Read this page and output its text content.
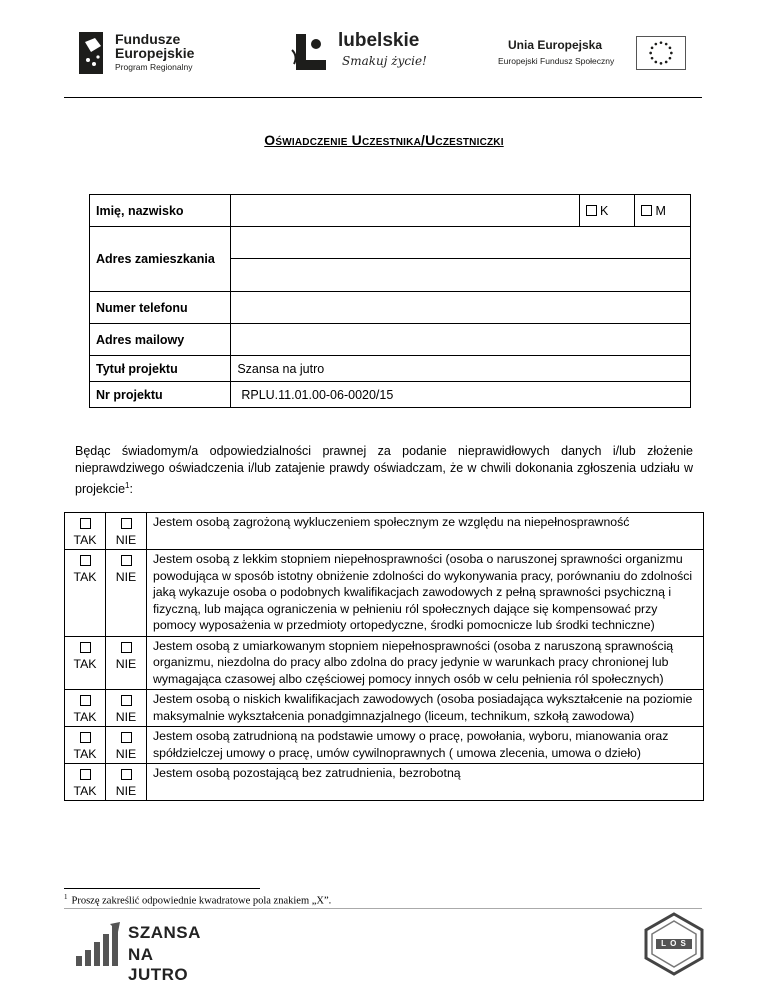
Fundusze
Europejskie
Program Regionalny
lubelskie
Smakuj życie!
Unia Europejska
Europejski Fundusz Społeczny
Oświadczenie Uczestnika/Uczestniczki
Imię, nazwisko		K	M
Adres zamieszkania			

Numer telefonu			
Adres mailowy			
Tytuł projektu	Szansa na jutro		
Nr projektu	RPLU.11.01.00-06-0020/15		
Będąc świadomym/a odpowiedzialności prawnej za podanie nieprawidłowych danych i/lub złożenie nieprawdziwego oświadczenia i/lub zatajenie prawdy oświadczam, że w chwili dokonania zgłoszenia udziału w projekcie$^1$:
TAK	NIE	Jestem osobą zagrożoną wykluczeniem społecznym ze względu na niepełnosprawność

TAK	NIE	Jestem osobą z lekkim stopniem niepełnosprawności (osoba o naruszonej sprawności organizmu powodująca w sposób istotny obniżenie zdolności do wykonywania pracy, porównaniu do zdolności jaką wykazuje osoba o podobnych kwalifikacjach zawodowych z pełną sprawności psychiczną i fizyczną, lub mająca ograniczenia w pełnieniu ról społecznych dające się kompensować przy pomocy wyposażenia w przedmioty ortopedyczne, środki pomocnicze lub środki techniczne)

TAK	NIE	Jestem osobą z umiarkowanym stopniem niepełnosprawności (osoba z naruszoną sprawnością organizmu, niezdolna do pracy albo zdolna do pracy jedynie w warunkach pracy chronionej lub wymagająca czasowej albo częściowej pomocy innych osób w celu pełnienia ról społecznych)

TAK	NIE	Jestem osobą o niskich kwalifikacjach zawodowych (osoba posiadająca wykształcenie na poziomie maksymalnie wykształcenia ponadgimnazjalnego (liceum, technikum, szkołą zawodowa)

TAK	NIE	Jestem osobą zatrudnioną na podstawie umowy o pracę, powołania, wyboru, mianowania oraz spółdzielczej umowy o pracę, umów cywilnoprawnych ( umowa zlecenia, umowa o dzieło)

TAK	NIE	Jestem osobą pozostającą bez zatrudnienia, bezrobotną
$^1$ Proszę zakreślić odpowiednie kwadratowe pola znakiem „X”.
SZANSA
NA JUTRO
L O S
